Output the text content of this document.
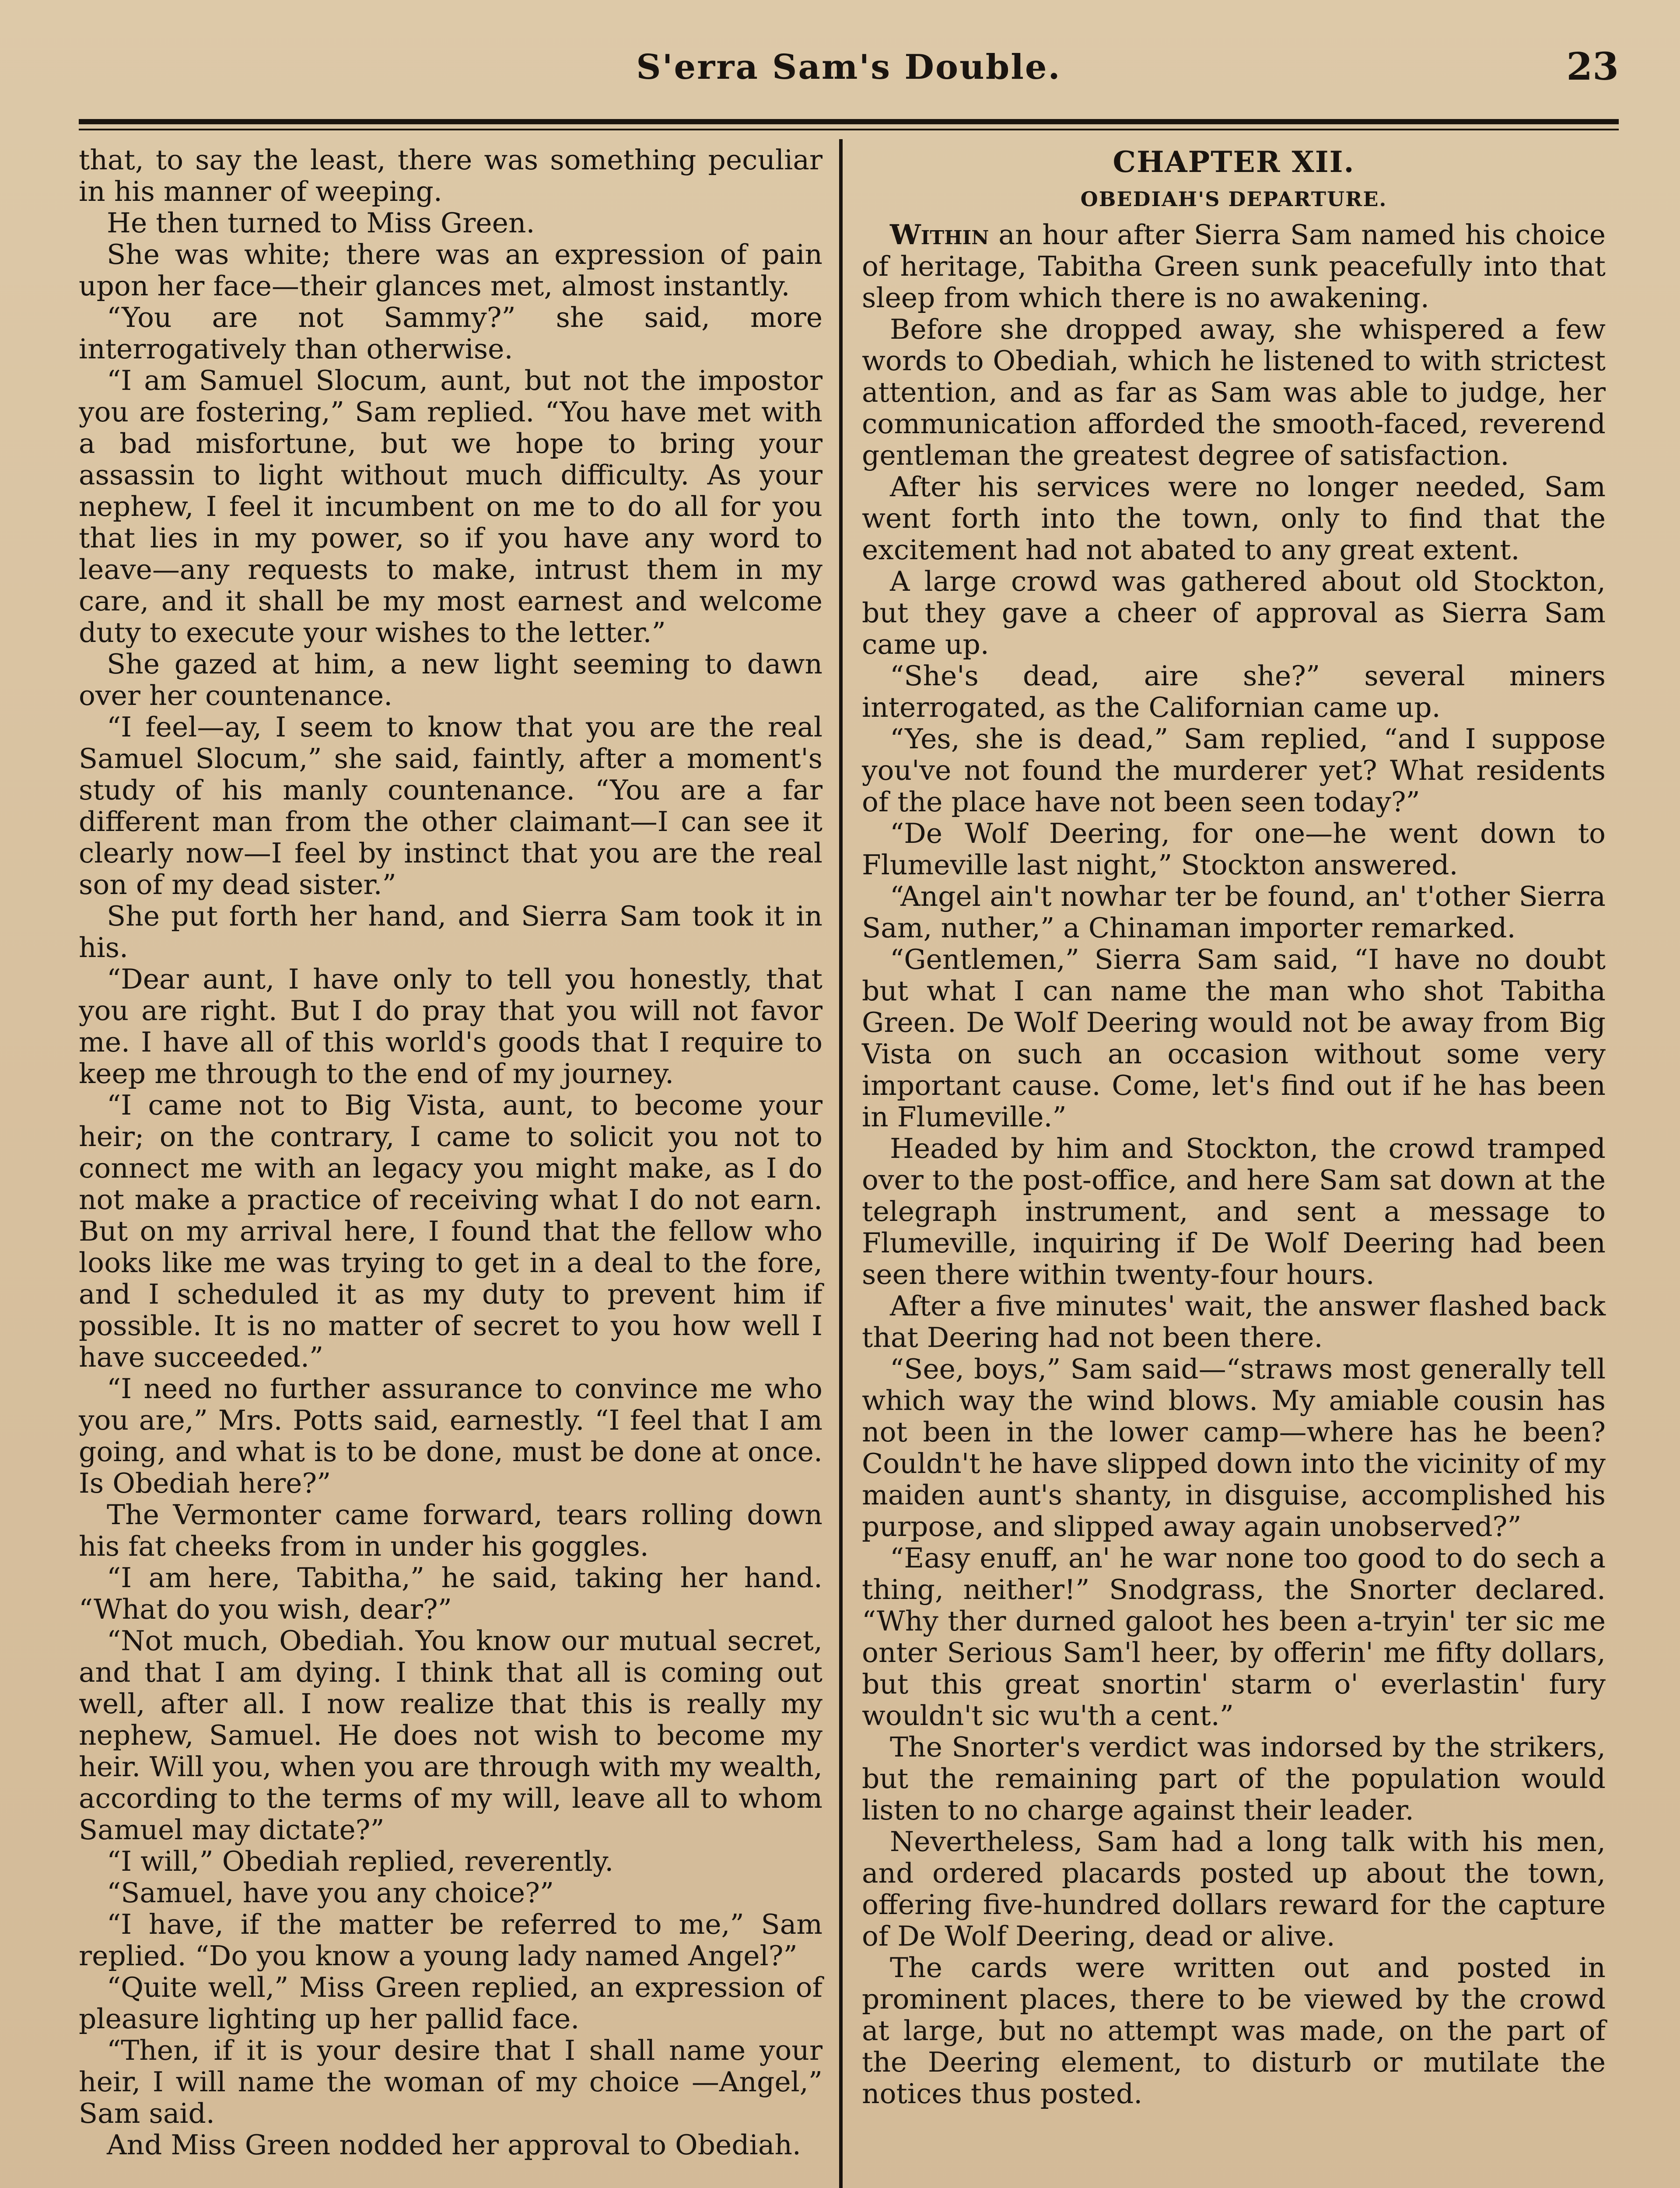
S'erra Sam's Double.	23

that, to say the least, there was something peculiar in his manner of weeping.

He then turned to Miss Green.

She was white; there was an expression of pain upon her face—their glances met, almost instantly.

“You are not Sammy?” she said, more interrogatively than otherwise.

“I am Samuel Slocum, aunt, but not the impostor you are fostering,” Sam replied. “You have met with a bad misfortune, but we hope to bring your assassin to light without much difficulty. As your nephew, I feel it incumbent on me to do all for you that lies in my power, so if you have any word to leave—any requests to make, intrust them in my care, and it shall be my most earnest and welcome duty to execute your wishes to the letter.”

She gazed at him, a new light seeming to dawn over her countenance.

“I feel—ay, I seem to know that you are the real Samuel Slocum,” she said, faintly, after a moment's study of his manly countenance. “You are a far different man from the other claimant—I can see it clearly now—I feel by instinct that you are the real son of my dead sister.”

She put forth her hand, and Sierra Sam took it in his.

“Dear aunt, I have only to tell you honestly, that you are right. But I do pray that you will not favor me. I have all of this world's goods that I require to keep me through to the end of my journey.

“I came not to Big Vista, aunt, to become your heir; on the contrary, I came to solicit you not to connect me with an legacy you might make, as I do not make a practice of receiving what I do not earn. But on my arrival here, I found that the fellow who looks like me was trying to get in a deal to the fore, and I scheduled it as my duty to prevent him if possible. It is no matter of secret to you how well I have succeeded.”

“I need no further assurance to convince me who you are,” Mrs. Potts said, earnestly. “I feel that I am going, and what is to be done, must be done at once. Is Obediah here?”

The Vermonter came forward, tears rolling down his fat cheeks from in under his goggles.

“I am here, Tabitha,” he said, taking her hand. “What do you wish, dear?”

“Not much, Obediah. You know our mutual secret, and that I am dying. I think that all is coming out well, after all. I now realize that this is really my nephew, Samuel. He does not wish to become my heir. Will you, when you are through with my wealth, according to the terms of my will, leave all to whom Samuel may dictate?”

“I will,” Obediah replied, reverently.

“Samuel, have you any choice?”

“I have, if the matter be referred to me,” Sam replied. “Do you know a young lady named Angel?”

“Quite well,” Miss Green replied, an expression of pleasure lighting up her pallid face.

“Then, if it is your desire that I shall name your heir, I will name the woman of my choice —Angel,” Sam said.

And Miss Green nodded her approval to Obediah.

CHAPTER XII.
OBEDIAH'S DEPARTURE.

Within an hour after Sierra Sam named his choice of heritage, Tabitha Green sunk peacefully into that sleep from which there is no awakening.

Before she dropped away, she whispered a few words to Obediah, which he listened to with strictest attention, and as far as Sam was able to judge, her communication afforded the smooth-faced, reverend gentleman the greatest degree of satisfaction.

After his services were no longer needed, Sam went forth into the town, only to find that the excitement had not abated to any great extent.

A large crowd was gathered about old Stockton, but they gave a cheer of approval as Sierra Sam came up.

“She's dead, aire she?” several miners interrogated, as the Californian came up.

“Yes, she is dead,” Sam replied, “and I suppose you've not found the murderer yet? What residents of the place have not been seen today?”

“De Wolf Deering, for one—he went down to Flumeville last night,” Stockton answered.

“Angel ain't nowhar ter be found, an' t'other Sierra Sam, nuther,” a Chinaman importer remarked.

“Gentlemen,” Sierra Sam said, “I have no doubt but what I can name the man who shot Tabitha Green. De Wolf Deering would not be away from Big Vista on such an occasion without some very important cause. Come, let's find out if he has been in Flumeville.”

Headed by him and Stockton, the crowd tramped over to the post-office, and here Sam sat down at the telegraph instrument, and sent a message to Flumeville, inquiring if De Wolf Deering had been seen there within twenty-four hours.

After a five minutes' wait, the answer flashed back that Deering had not been there.

“See, boys,” Sam said—“straws most generally tell which way the wind blows. My amiable cousin has not been in the lower camp—where has he been? Couldn't he have slipped down into the vicinity of my maiden aunt's shanty, in disguise, accomplished his purpose, and slipped away again unobserved?”

“Easy enuff, an' he war none too good to do sech a thing, neither!” Snodgrass, the Snorter declared. “Why ther durned galoot hes been a-tryin' ter sic me onter Serious Sam'l heer, by offerin' me fifty dollars, but this great snortin' starm o' everlastin' fury wouldn't sic wu'th a cent.”

The Snorter's verdict was indorsed by the strikers, but the remaining part of the population would listen to no charge against their leader.

Nevertheless, Sam had a long talk with his men, and ordered placards posted up about the town, offering five-hundred dollars reward for the capture of De Wolf Deering, dead or alive.

The cards were written out and posted in prominent places, there to be viewed by the crowd at large, but no attempt was made, on the part of the Deering element, to disturb or mutilate the notices thus posted.
